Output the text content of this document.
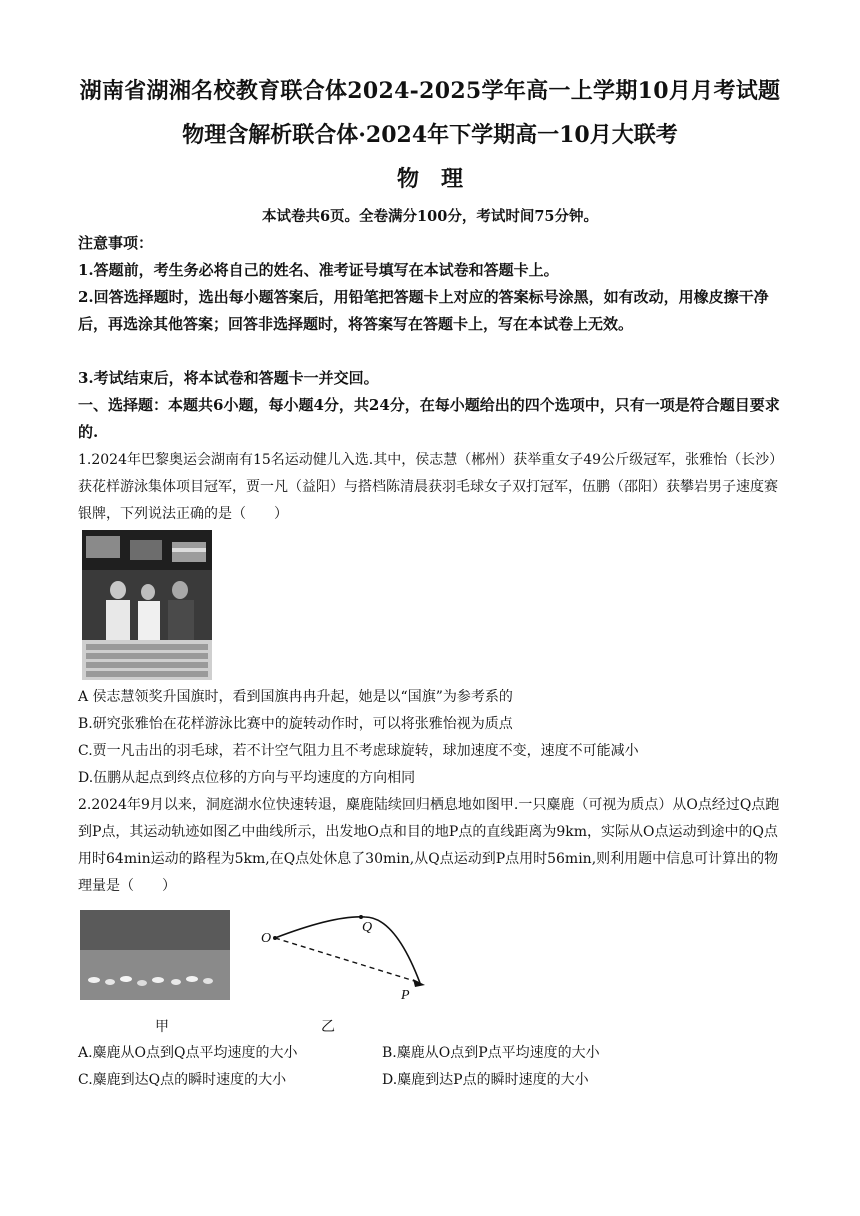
湖南省湖湘名校教育联合体2024-2025学年高一上学期10月月考试题
物理含解析联合体·2024年下学期高一10月大联考
物理
本试卷共6页。全卷满分100分，考试时间75分钟。
注意事项：
1.答题前，考生务必将自己的姓名、准考证号填写在本试卷和答题卡上。
2.回答选择题时，选出每小题答案后，用铅笔把答题卡上对应的答案标号涂黑，如有改动，用橡皮擦干净后，再选涂其他答案；回答非选择题时，将答案写在答题卡上，写在本试卷上无效。
3.考试结束后，将本试卷和答题卡一并交回。
一、选择题：本题共6小题，每小题4分，共24分，在每小题给出的四个选项中，只有一项是符合题目要求的.
1.2024年巴黎奥运会湖南有15名运动健儿入选.其中，侯志慧（郴州）获举重女子49公斤级冠军，张雅怡（长沙）获花样游泳集体项目冠军，贾一凡（益阳）与搭档陈清晨获羽毛球女子双打冠军，伍鹏（邵阳）获攀岩男子速度赛银牌，下列说法正确的是（　　）
A 侯志慧领奖升国旗时，看到国旗冉冉升起，她是以“国旗”为参考系的
B.研究张雅怡在花样游泳比赛中的旋转动作时，可以将张雅怡视为质点
C.贾一凡击出的羽毛球，若不计空气阻力且不考虑球旋转，球加速度不变，速度不可能减小
D.伍鹏从起点到终点位移的方向与平均速度的方向相同
2.2024年9月以来，洞庭湖水位快速转退，麋鹿陆续回归栖息地如图甲.一只麋鹿（可视为质点）从O点经过Q点跑到P点，其运动轨迹如图乙中曲线所示，出发地O点和目的地P点的直线距离为9km，实际从O点运动到途中的Q点用时64min运动的路程为5km,在Q点处休息了30min,从Q点运动到P点用时56min,则利用题中信息可计算出的物理量是（　　）
O
Q
P
甲	乙
A.麋鹿从O点到Q点平均速度的大小	B.麋鹿从O点到P点平均速度的大小
C.麋鹿到达Q点的瞬时速度的大小	D.麋鹿到达P点的瞬时速度的大小
